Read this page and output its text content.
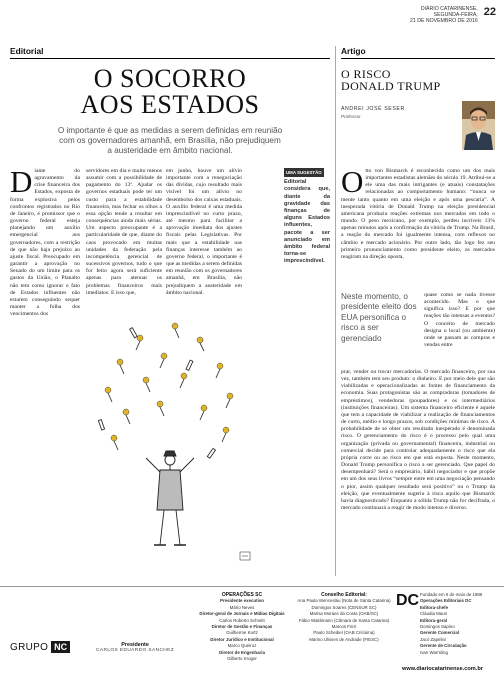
DIÁRIO CATARINENSE,
SEGUNDA-FEIRA,
21 DE NOVEMBRO DE 2016
22
Editorial	Artigo
O SOCORRO
AOS ESTADOS
O importante é que as medidas a serem definidas em reunião com os governadores amanhã, em Brasília, não prejudiquem a austeridade em âmbito nacional.
Diante do agravamento da crise financeira dos Estados, exposta de forma explosiva pelos confrontos registrados no Rio de Janeiro, é promissor que o governo federal esteja planejando um auxílio emergencial aos governadores, com a restrição de que não haja prejuízo ao ajuste fiscal. Preocupado em garantir a aprovação no Senado do um limite para os gastos da União, o Planalto não tem como ignorar o fato de Estados influentes não estarem conseguindo sequer manter a folha dos vencimentos dos
servidores em dia e muito menos assumir com a possibilidade de pagamento do 13º. Ajudar os governos estaduais pode ter um custo para a estabilidade financeira, mas fechar os olhos a essa opção tende a resultar em consequências ainda mais sérias. Um aspecto preocupante é a particularidade de que, diante do caos provocado em muitas unidades da federação pela incompetência gerencial de sucessivos governos, tudo o que for feito agora será suficiente apenas para atenuar os problemas financeiros mais imediatos. E isso que,
em junho, houve um alívio importante com a renegociação das dívidas, cujo resultado mais visível foi um alívio no desembolso dos caixas estaduais. O auxílio federal é uma medida imprescindível no curto prazo, até mesmo para facilitar a aprovação imediata dos ajustes fiscais pelas Legislativas. Por mais que a estabilidade nas finanças interesse também ao governo federal, o importante é que as medidas a serem definidas em reunião com os governadores amanhã, em Brasília, não prejudiquem a austeridade em âmbito nacional.
UMA SUGESTÃO
Editorial considera que, diante da gravidade das finanças de alguns Estados influentes, pacote a ser anunciado em âmbito federal torna-se imprescindível.
O RISCO
DONALD TRUMP
ANDREI JOSÉ SESER
Professor
Otto von Bismarck é reconhecido como um dos mais importantes estadistas alemães do século 19. Atribui-se a ele uma das mais intrigantes (e atuais) constatações relacionadas ao comportamento humano: “nunca se mente tanto quanto em uma eleição e após uma pescaria”. A inesperada vitória de Donald Trump na eleição presidencial americana produziu reações extremas nos mercados em todo o mundo. O peso mexicano, por exemplo, perdeu incríveis 13% apenas minutos após a confirmação da vitória de Trump. Na Brasil, a reação do mercado foi igualmente intensa, com reflexos no câmbio e mercado acionário. Por outro lado, tão logo fez seu primeiro pronunciamento como presidente eleito, os mercados reagiram na direção oposta,
Neste momento, o presidente eleito dos EUA personifica o risco a ser gerenciado
quase como se nada tivesse acontecido. Mas o que significa isso? E por que reações tão intensas a eventos? O conceito de mercado designa o local (ou ambiente) onde se passam as compras e vendas entre
prar, vender ou trocar mercadorias. O mercado financeiro, por sua vez, também tem seu produto: o dinheiro. E por meio dele que são viabilizadas e operacionalizadas as fontes de financiamento da economia. Suas protagonistas são as compradoras (tomadores de empréstimos), vendedoras (poupadores) e os intermediários (instituições financeiras). Um sistema financeiro eficiente é aquele que tem a capacidade de viabilizar a realização de financiamentos de curto, médio e longo prazos, sob condições mínimas de risco. A probabilidade de se obter um resultado inesperado é denominada risco. O gerenciamento do risco é o processo pelo qual uma organização (privada ou governamental) financeira, industrial ou comercial decide para controlar adequadamente o risco que ela própria corre ou ao risco em que está exposta. Neste momento, Donald Trump personifica o risco a ser gerenciado. Que papel do desempenhará? Será o empresário, hábil negociador e que propõe em um dos seus livros “sempre entre em uma negociação pensando o pior, assim qualquer resultado será positivo” ou o Trump da eleição, que eventualmente sugeriu à risca aquilo que Bismarck havia diagnosticado? Enquanto a sólida Trump não for decifrada, o mercado continuará a reagir de modo intenso e diverso.
GRUPO NC	Presidente
CARLOS EDUARDO SANCHEZ
OPERAÇÕES SC
Presidente executivo
Mário Neves
Diretor-geral de Jornais e Mídias Digitais
Carlos Roberto Schmitt
Diretor de Gestão e Finanças
Guilherme Kurtz
Diretor Jurídico e Institucional
Marco Queiroz
Diretor de Engenharia
Gilberto Kruger
Conselho Editorial:
Ana Paula Wenceslau (Nota de Santa Catarina)
Domingos Soares (CENSUR SC)
Marisa Moraes da Costa (OAB/SC)
Fábio Waldimann (Câmara de Santa Catarina)
Marcos Ferri
Paulo Scheibel (OAB Criciúma)
Marino Ulisses de Andrade (FIESC)
DC Fundado em 5 de maio de 1986
Operações Editoriais DC
Editora-chefe
Cláudia Mauri
Editora-geral
Domingos Sapino
Gerente Comercial
Jacó Zapelini
Gerente de Circulação
Ivan Warmling
www.diariocatarinense.com.br
